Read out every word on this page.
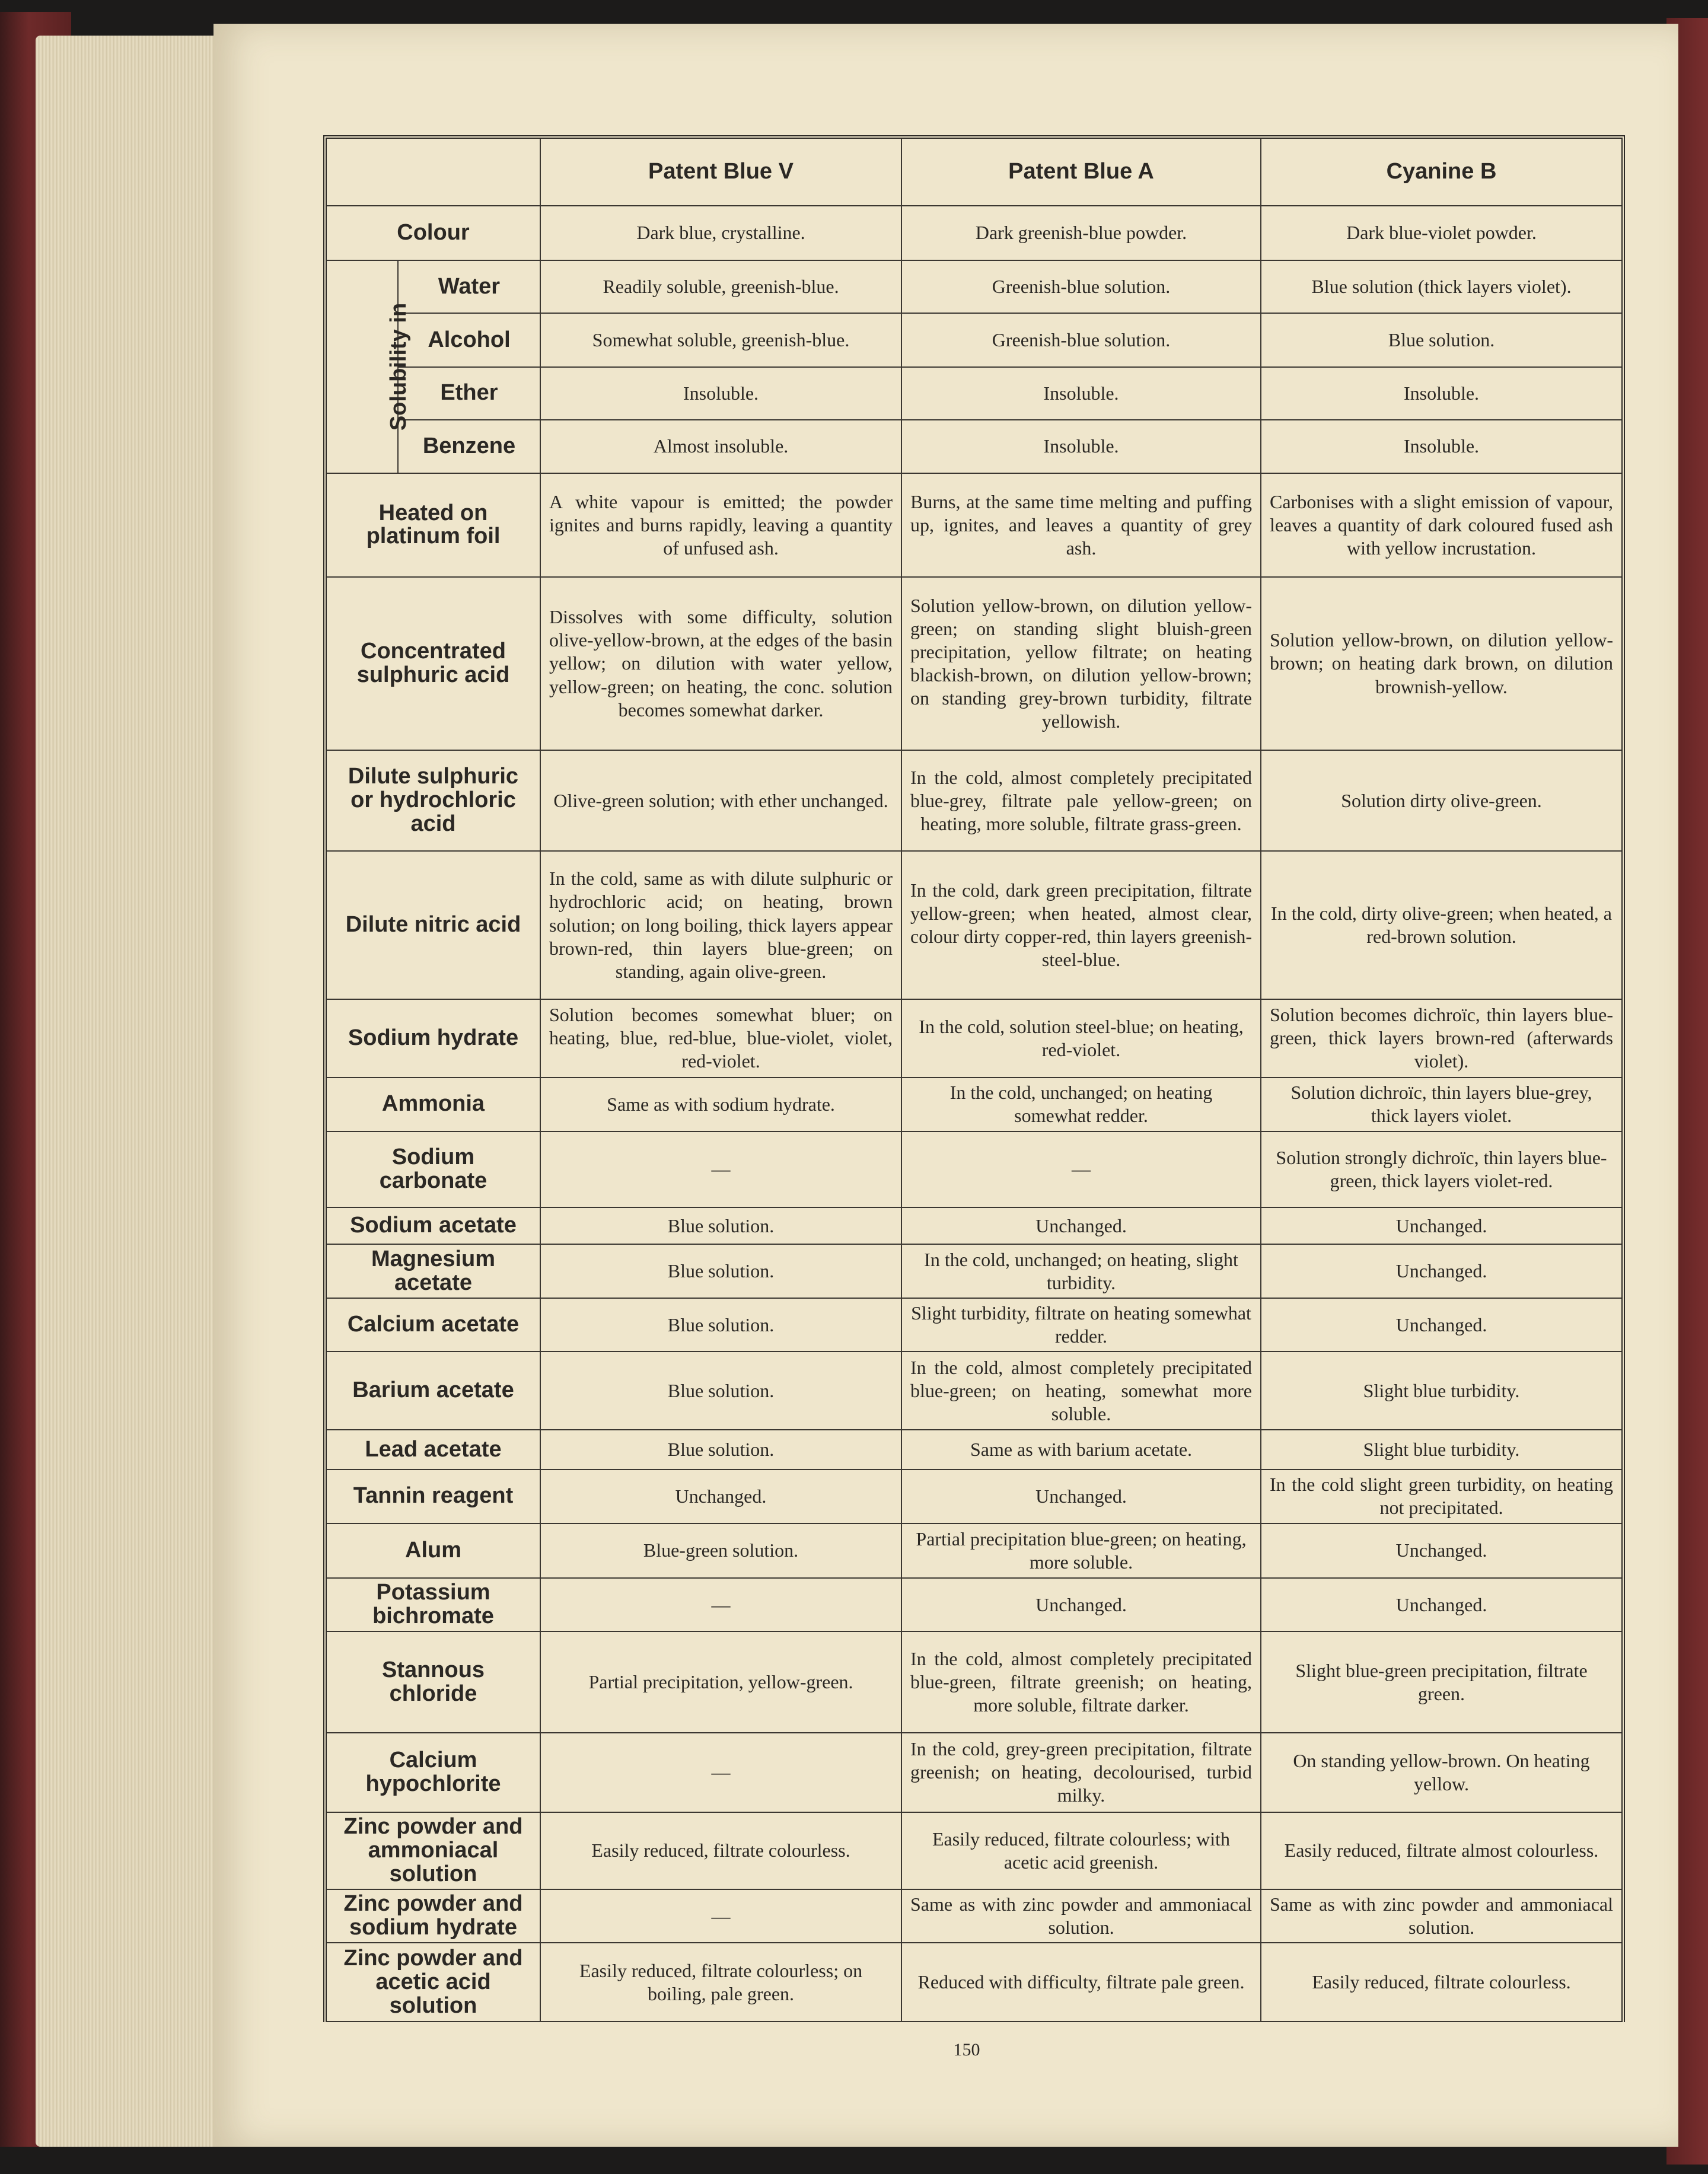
		Patent Blue V	Patent Blue A	Cyanine B
Colour		Dark blue, crystalline.	Dark greenish-blue powder.	Dark blue-violet powder.
Solubility in	Water	Readily soluble, greenish-blue.	Greenish-blue solution.	Blue solution (thick layers violet).
	Alcohol	Somewhat soluble, greenish-blue.	Greenish-blue solution.	Blue solution.
	Ether	Insoluble.	Insoluble.	Insoluble.
	Benzene	Almost insoluble.	Insoluble.	Insoluble.
Heated on platinum foil		A white vapour is emitted; the powder ignites and burns rapidly, leaving a quantity of unfused ash.	Burns, at the same time melting and puffing up, ignites, and leaves a quantity of grey ash.	Carbonises with a slight emission of vapour, leaves a quantity of dark coloured fused ash with yellow incrustation.
Concentrated sulphuric acid		Dissolves with some difficulty, solution olive-yellow-brown, at the edges of the basin yellow; on dilution with water yellow, yellow-green; on heating, the conc. solution becomes somewhat darker.	Solution yellow-brown, on dilution yellow-green; on standing slight bluish-green precipitation, yellow filtrate; on heating blackish-brown, on dilution yellow-brown; on standing grey-brown turbidity, filtrate yellowish.	Solution yellow-brown, on dilution yellow-brown; on heating dark brown, on dilution brownish-yellow.
Dilute sulphuric or hydrochloric acid		Olive-green solution; with ether unchanged.	In the cold, almost completely precipitated blue-grey, filtrate pale yellow-green; on heating, more soluble, filtrate grass-green.	Solution dirty olive-green.
Dilute nitric acid		In the cold, same as with dilute sulphuric or hydrochloric acid; on heating, brown solution; on long boiling, thick layers appear brown-red, thin layers blue-green; on standing, again olive-green.	In the cold, dark green precipitation, filtrate yellow-green; when heated, almost clear, colour dirty copper-red, thin layers greenish-steel-blue.	In the cold, dirty olive-green; when heated, a red-brown solution.
Sodium hydrate		Solution becomes somewhat bluer; on heating, blue, red-blue, blue-violet, violet, red-violet.	In the cold, solution steel-blue; on heating, red-violet.	Solution becomes dichroïc, thin layers blue-green, thick layers brown-red (afterwards violet).
Ammonia		Same as with sodium hydrate.	In the cold, unchanged; on heating somewhat redder.	Solution dichroïc, thin layers blue-grey, thick layers violet.
Sodium carbonate		—	—	Solution strongly dichroïc, thin layers blue-green, thick layers violet-red.
Sodium acetate		Blue solution.	Unchanged.	Unchanged.
Magnesium acetate		Blue solution.	In the cold, unchanged; on heating, slight turbidity.	Unchanged.
Calcium acetate		Blue solution.	Slight turbidity, filtrate on heating somewhat redder.	Unchanged.
Barium acetate		Blue solution.	In the cold, almost completely precipitated blue-green; on heating, somewhat more soluble.	Slight blue turbidity.
Lead acetate		Blue solution.	Same as with barium acetate.	Slight blue turbidity.
Tannin reagent		Unchanged.	Unchanged.	In the cold slight green turbidity, on heating not precipitated.
Alum		Blue-green solution.	Partial precipitation blue-green; on heating, more soluble.	Unchanged.
Potassium bichromate		—	Unchanged.	Unchanged.
Stannous chloride		Partial precipitation, yellow-green.	In the cold, almost completely precipitated blue-green, filtrate greenish; on heating, more soluble, filtrate darker.	Slight blue-green precipitation, filtrate green.
Calcium hypochlorite		—	In the cold, grey-green precipitation, filtrate greenish; on heating, decolourised, turbid milky.	On standing yellow-brown. On heating yellow.
Zinc powder and ammoniacal solution		Easily reduced, filtrate colourless.	Easily reduced, filtrate colourless; with acetic acid greenish.	Easily reduced, filtrate almost colourless.
Zinc powder and sodium hydrate		—	Same as with zinc powder and ammoniacal solution.	Same as with zinc powder and ammoniacal solution.
Zinc powder and acetic acid solution		Easily reduced, filtrate colourless; on boiling, pale green.	Reduced with difficulty, filtrate pale green.	Easily reduced, filtrate colourless.
150
